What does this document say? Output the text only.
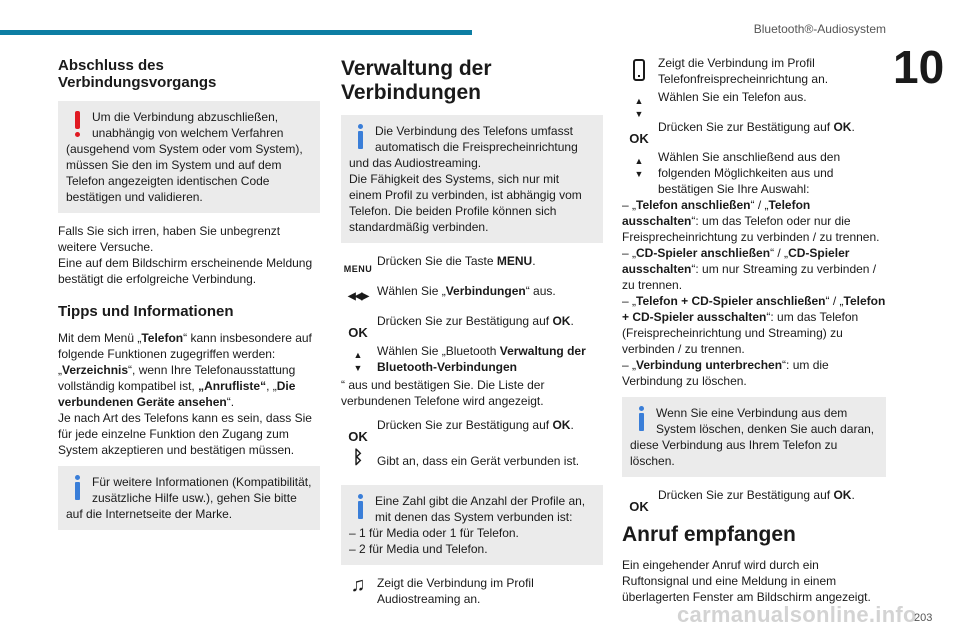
Bluetooth®-Audiosystem
10
Abschluss des Verbindungsvorgangs
Um die Verbindung abzuschließen, unabhängig von welchem Verfahren (ausgehend vom System oder vom System), müssen Sie den im System und auf dem Telefon angezeigten identischen Code bestätigen und validieren.

Falls Sie sich irren, haben Sie unbegrenzt weitere Versuche.
Eine auf dem Bildschirm erscheinende Meldung bestätigt die erfolgreiche Verbindung.

Tipps und Informationen

Mit dem Menü „Telefon“ kann insbesondere auf folgende Funktionen zugegriffen werden: „Verzeichnis“, wenn Ihre Telefonausstattung vollständig kompatibel ist, „Anrufliste“, „Die verbundenen Geräte ansehen“.
Je nach Art des Telefons kann es sein, dass Sie für jede einzelne Funktion den Zugang zum System akzeptieren und bestätigen müssen.

Für weitere Informationen (Kompatibilität, zusätzliche Hilfe usw.), gehen Sie bitte auf die Internetseite der Marke.
Verwaltung der Verbindungen
Die Verbindung des Telefons umfasst automatisch die Freisprecheinrichtung und das Audiostreaming.
Die Fähigkeit des Systems, sich nur mit einem Profil zu verbinden, ist abhängig vom Telefon. Die beiden Profile können sich standardmäßig verbinden.
MENU
Drücken Sie die Taste MENU.
◀◀▶ Wählen Sie „Verbindungen“ aus.
OK
Drücken Sie zur Bestätigung auf OK.
▲
▼
Wählen Sie „Bluetooth Verwaltung der Bluetooth-Verbindungen

“ aus und bestätigen Sie. Die Liste der verbundenen Telefone wird angezeigt.

OK
Drücken Sie zur Bestätigung auf OK.
ᛒ	Gibt an, dass ein Gerät verbunden ist.
Eine Zahl gibt die Anzahl der Profile an, mit denen das System verbunden ist:
– 1 für Media oder 1 für Telefon.
– 2 für Media und Telefon.
♫ Zeigt die Verbindung im Profil Audiostreaming an.
Zeigt die Verbindung im Profil Telefonfreisprecheinrichtung an.
▲
▼
Wählen Sie ein Telefon aus.
OK
Drücken Sie zur Bestätigung auf OK.
▲
▼
Wählen Sie anschließend aus den folgenden Möglichkeiten aus und bestätigen Sie Ihre Auswahl:

– „Telefon anschließen“ / „Telefon ausschalten“: um das Telefon oder nur die Freisprecheinrichtung zu verbinden / zu trennen.
– „CD-Spieler anschließen“ / „CD-Spieler ausschalten“: um nur Streaming zu verbinden / zu trennen.
– „Telefon + CD-Spieler anschließen“ / „Telefon + CD-Spieler ausschalten“: um das Telefon (Freisprecheinrichtung und Streaming) zu verbinden / zu trennen.
– „Verbindung unterbrechen“: um die Verbindung zu löschen.

Wenn Sie eine Verbindung aus dem System löschen, denken Sie auch daran, diese Verbindung aus Ihrem Telefon zu löschen.
OK
Drücken Sie zur Bestätigung auf OK.
Anruf empfangen

Ein eingehender Anruf wird durch ein Ruftonsignal und eine Meldung in einem überlagerten Fenster am Bildschirm angezeigt.

carmanualsonline.info
203
